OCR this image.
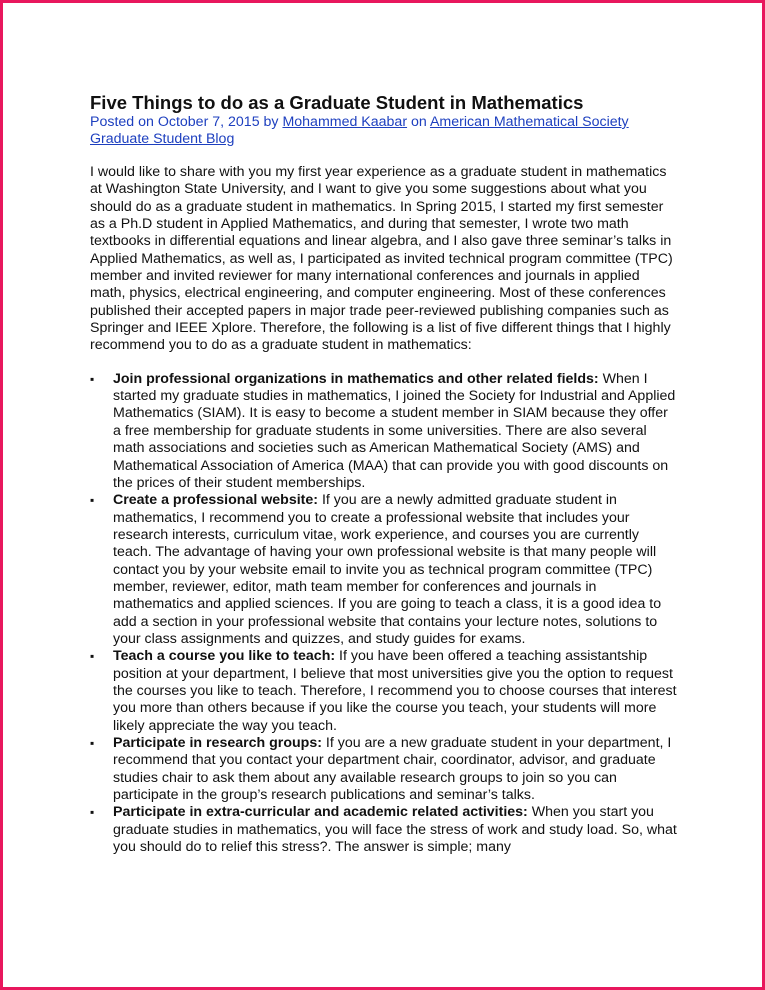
Five Things to do as a Graduate Student in Mathematics
Posted on October 7, 2015 by Mohammed Kaabar on American Mathematical Society Graduate Student Blog

I would like to share with you my first year experience as a graduate student in mathematics at Washington State University, and I want to give you some suggestions about what you should do as a graduate student in mathematics. In Spring 2015, I started my first semester as a Ph.D student in Applied Mathematics, and during that semester, I wrote two math textbooks in differential equations and linear algebra, and I also gave three seminar’s talks in Applied Mathematics, as well as, I participated as invited technical program committee (TPC) member and invited reviewer for many international conferences and journals in applied math, physics, electrical engineering, and computer engineering. Most of these conferences published their accepted papers in major trade peer-reviewed publishing companies such as Springer and IEEE Xplore. Therefore, the following is a list of five different things that I highly recommend you to do as a graduate student in mathematics:

▪ Join professional organizations in mathematics and other related fields: When I started my graduate studies in mathematics, I joined the Society for Industrial and Applied Mathematics (SIAM). It is easy to become a student member in SIAM because they offer a free membership for graduate students in some universities. There are also several math associations and societies such as American Mathematical Society (AMS) and Mathematical Association of America (MAA) that can provide you with good discounts on the prices of their student memberships.
▪ Create a professional website: If you are a newly admitted graduate student in mathematics, I recommend you to create a professional website that includes your research interests, curriculum vitae, work experience, and courses you are currently teach. The advantage of having your own professional website is that many people will contact you by your website email to invite you as technical program committee (TPC) member, reviewer, editor, math team member for conferences and journals in mathematics and applied sciences. If you are going to teach a class, it is a good idea to add a section in your professional website that contains your lecture notes, solutions to your class assignments and quizzes, and study guides for exams.
▪ Teach a course you like to teach: If you have been offered a teaching assistantship position at your department, I believe that most universities give you the option to request the courses you like to teach. Therefore, I recommend you to choose courses that interest you more than others because if you like the course you teach, your students will more likely appreciate the way you teach.
▪ Participate in research groups: If you are a new graduate student in your department, I recommend that you contact your department chair, coordinator, advisor, and graduate studies chair to ask them about any available research groups to join so you can participate in the group’s research publications and seminar’s talks.
▪ Participate in extra-curricular and academic related activities: When you start you graduate studies in mathematics, you will face the stress of work and study load. So, what you should do to relief this stress?. The answer is simple; many
